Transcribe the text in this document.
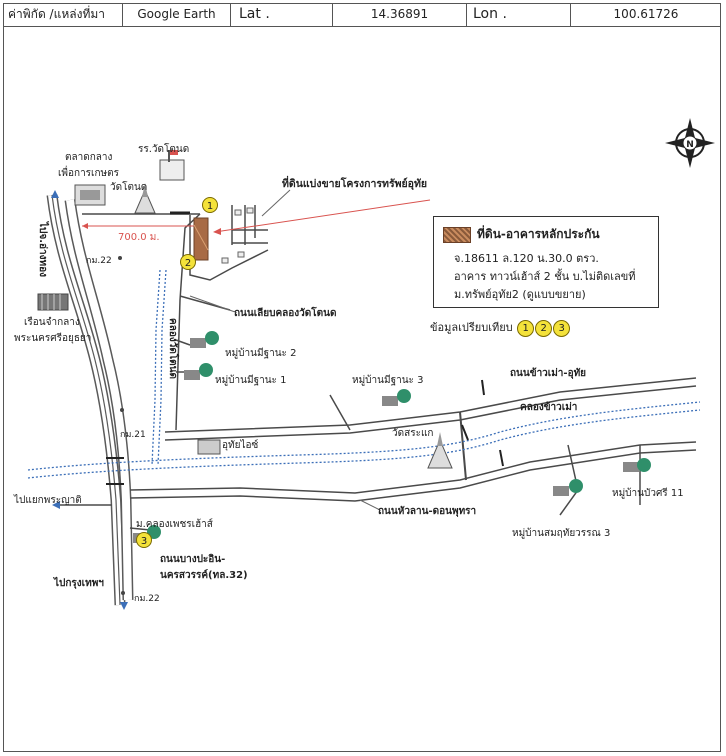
ค่าพิกัด /แหล่งที่มา	Google Earth	Lat .	14.36891	Lon .	100.61726
1
2
3
N
ตลาดกลาง
เพื่อการเกษตร
รร.วัดโตนด
วัดโตนด
700.0 ม.
ไปจ.อ่างทอง	กม.22
เรือนจำกลาง
พระนครศรีอยุธยา
ที่ดินแบ่งขายโครงการทรัพย์อุทัย
ถนนเลียบคลองวัดโตนด
คลองวัดโตนด	หมู่บ้านมีฐานะ 2
หมู่บ้านมีฐานะ 1	หมู่บ้านมีฐานะ 3
ถนนข้าวเม่า-อุทัย
คลองข้าวเม่า
กม.21
อุทัยไอซ์
วัดสระแก
ไปแยกพระญาติ
ถนนหัวลาน-ดอนพุทรา
หมู่บ้านสมฤทัยวรรณ 3
หมู่บ้านบัวศรี 11
ม.คลองเพชรเฮ้าส์
ถนนบางปะอิน-
นครสวรรค์(ทล.32)
ไปกรุงเทพฯ
กม.22
ที่ดิน-อาคารหลักประกัน
จ.18611 ล.120 น.30.0 ตรว.
อาคาร ทาวน์เฮ้าส์ 2 ชั้น บ.ไม่ติดเลขที่
ม.ทรัพย์อุทัย2 (ดูแบบขยาย)
ข้อมูลเปรียบเทียบ 1 2 3
